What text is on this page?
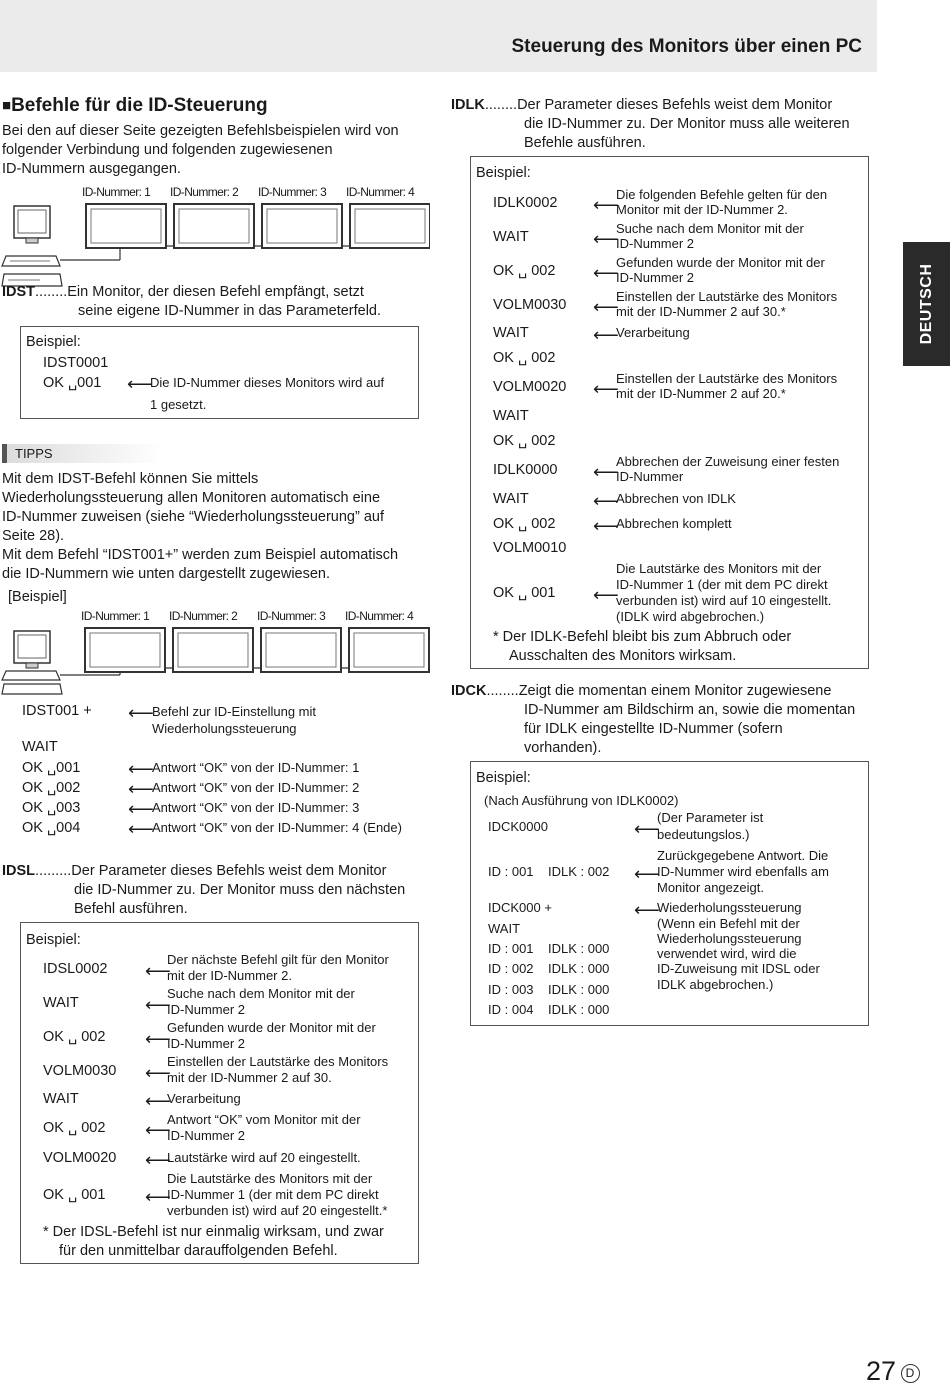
Steuerung des Monitors über einen PC
DEUTSCH
■Befehle für die ID-Steuerung
Bei den auf dieser Seite gezeigten Befehlsbeispielen wird von
folgender Verbindung und folgenden zugewiesenen
ID-Nummern ausgegangen.
ID-Nummer: 1 ID-Nummer: 2 ID-Nummer: 3 ID-Nummer: 4
IDST........Ein Monitor, der diesen Befehl empfängt, setzt
seine eigene ID-Nummer in das Parameterfeld.
Beispiel:
IDST0001
OK ␣001 ⟵
Die ID-Nummer dieses Monitors wird auf
1 gesetzt.
TIPPS
Mit dem IDST-Befehl können Sie mittels
Wiederholungssteuerung allen Monitoren automatisch eine
ID-Nummer zuweisen (siehe “Wiederholungssteuerung” auf
Seite 28).
Mit dem Befehl “IDST001+” werden zum Beispiel automatisch
die ID-Nummern wie unten dargestellt zugewiesen.
[Beispiel]
ID-Nummer: 1 ID-Nummer: 2 ID-Nummer: 3 ID-Nummer: 4
IDST001 + ⟵
Befehl zur ID-Einstellung mit
Wiederholungssteuerung
WAIT
OK ␣001	⟵
Antwort “OK” von der ID-Nummer: 1
OK ␣002	⟵
Antwort “OK” von der ID-Nummer: 2
OK ␣003	⟵
Antwort “OK” von der ID-Nummer: 3
OK ␣004	⟵
Antwort “OK” von der ID-Nummer: 4 (Ende)
IDSL.........Der Parameter dieses Befehls weist dem Monitor
die ID-Nummer zu. Der Monitor muss den nächsten
Befehl ausführen.
Beispiel:
IDSL0002 ⟵
Der nächste Befehl gilt für den Monitor
mit der ID-Nummer 2.
WAIT	⟵
Suche nach dem Monitor mit der
ID-Nummer 2
OK ␣ 002 ⟵
Gefunden wurde der Monitor mit der
ID-Nummer 2
VOLM0030 ⟵
Einstellen der Lautstärke des Monitors
mit der ID-Nummer 2 auf 30.
WAIT	⟵
Verarbeitung
OK ␣ 002 ⟵
Antwort “OK” vom Monitor mit der
ID-Nummer 2
VOLM0020 ⟵
Lautstärke wird auf 20 eingestellt.
OK ␣ 001 ⟵
Die Lautstärke des Monitors mit der
ID-Nummer 1 (der mit dem PC direkt
verbunden ist) wird auf 20 eingestellt.*
* Der IDSL-Befehl ist nur einmalig wirksam, und zwar
für den unmittelbar darauffolgenden Befehl.
IDLK........Der Parameter dieses Befehls weist dem Monitor
die ID-Nummer zu. Der Monitor muss alle weiteren
Befehle ausführen.
Beispiel:
IDLK0002 ⟵
Die folgenden Befehle gelten für den
Monitor mit der ID-Nummer 2.
WAIT	⟵
Suche nach dem Monitor mit der
ID-Nummer 2
OK ␣ 002 ⟵
Gefunden wurde der Monitor mit der
ID-Nummer 2
VOLM0030 ⟵
Einstellen der Lautstärke des Monitors
mit der ID-Nummer 2 auf 30.*
WAIT	⟵
Verarbeitung
OK ␣ 002
VOLM0020 ⟵
Einstellen der Lautstärke des Monitors
mit der ID-Nummer 2 auf 20.*
WAIT
OK ␣ 002
IDLK0000 ⟵
Abbrechen der Zuweisung einer festen
ID-Nummer
WAIT	⟵
Abbrechen von IDLK
OK ␣ 002 ⟵
Abbrechen komplett
VOLM0010
OK ␣ 001 ⟵
Die Lautstärke des Monitors mit der
ID-Nummer 1 (der mit dem PC direkt
verbunden ist) wird auf 10 eingestellt.
(IDLK wird abgebrochen.)
* Der IDLK-Befehl bleibt bis zum Abbruch oder
Ausschalten des Monitors wirksam.
IDCK........Zeigt die momentan einem Monitor zugewiesene
ID-Nummer am Bildschirm an, sowie die momentan
für IDLK eingestellte ID-Nummer (sofern
vorhanden).
Beispiel:
(Nach Ausführung von IDLK0002)
IDCK0000	⟵
(Der Parameter ist
bedeutungslos.)
ID : 001    IDLK : 002 ⟵
Zurückgegebene Antwort. Die
ID-Nummer wird ebenfalls am
Monitor angezeigt.
IDCK000 +	⟵
Wiederholungssteuerung
(Wenn ein Befehl mit der
Wiederholungssteuerung
verwendet wird, wird die
ID-Zuweisung mit IDSL oder
IDLK abgebrochen.)
WAIT
ID : 001    IDLK : 000
ID : 002    IDLK : 000
ID : 003    IDLK : 000
ID : 004    IDLK : 000
27 D
